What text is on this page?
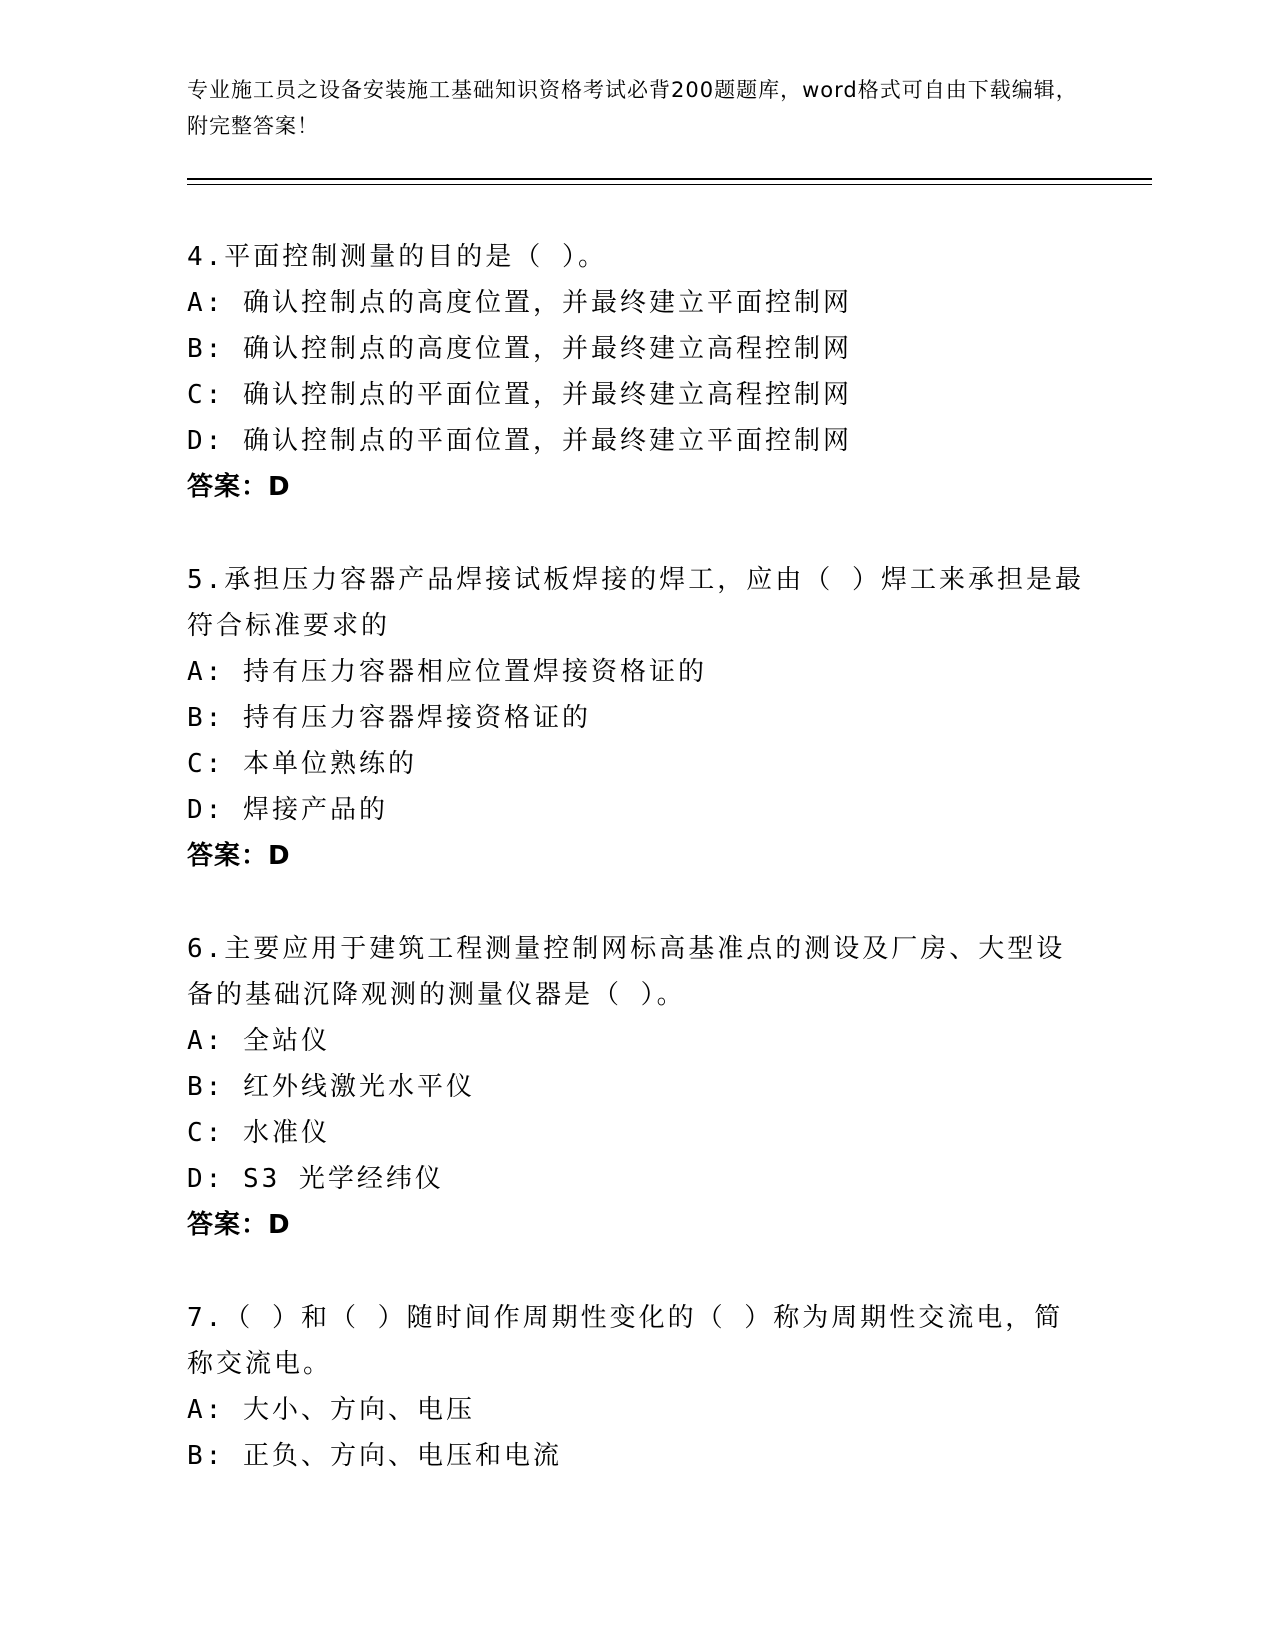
专业施工员之设备安装施工基础知识资格考试必背200题题库，word格式可自由下载编辑，附完整答案！
4.平面控制测量的目的是（ ）。
A: 确认控制点的高度位置，并最终建立平面控制网
B: 确认控制点的高度位置，并最终建立高程控制网
C: 确认控制点的平面位置，并最终建立高程控制网
D: 确认控制点的平面位置，并最终建立平面控制网
答案：D
5.承担压力容器产品焊接试板焊接的焊工，应由（ ）焊工来承担是最符合标准要求的
A: 持有压力容器相应位置焊接资格证的
B: 持有压力容器焊接资格证的
C: 本单位熟练的
D: 焊接产品的
答案：D
6.主要应用于建筑工程测量控制网标高基准点的测设及厂房、大型设备的基础沉降观测的测量仪器是（ ）。
A: 全站仪
B: 红外线激光水平仪
C: 水准仪
D: S3 光学经纬仪
答案：D
7.（ ）和（ ）随时间作周期性变化的（ ）称为周期性交流电，简称交流电。
A: 大小、方向、电压
B: 正负、方向、电压和电流
